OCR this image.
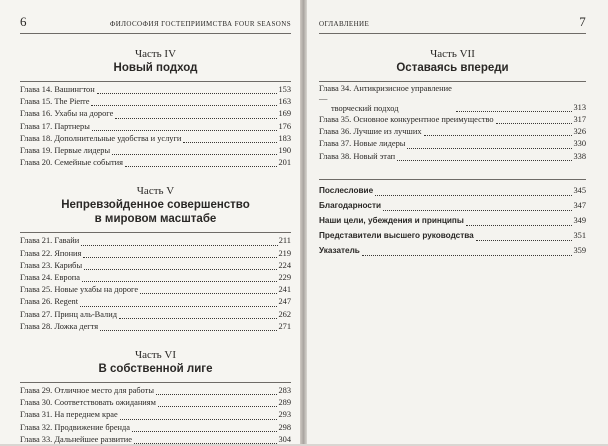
6	ФИЛОСОФИЯ ГОСТЕПРИИМСТВА FOUR SEASONS
Часть IV
Новый подход
Глава 14. Вашингтон	153
Глава 15. The Pierre	163
Глава 16. Ухабы на дороге	169
Глава 17. Партнеры	176
Глава 18. Дополнительные удобства и услуги	183
Глава 19. Первые лидеры	190
Глава 20. Семейные события	201
Часть V
Непревзойденное совершенство
в мировом масштабе
Глава 21. Гавайи	211
Глава 22. Япония	219
Глава 23. Карибы	224
Глава 24. Европа	229
Глава 25. Новые ухабы на дороге	241
Глава 26. Regent	247
Глава 27. Принц аль-Валид	262
Глава 28. Ложка дегтя	271
Часть VI
В собственной лиге
Глава 29. Отличное место для работы	283
Глава 30. Соответствовать ожиданиям	289
Глава 31. На переднем крае	293
Глава 32. Продвижение бренда	298
Глава 33. Дальнейшее развитие	304
ОГЛАВЛЕНИЕ	7
Часть VII
Оставаясь впереди
Глава 34. Антикризисное управление —
творческий подход	313
Глава 35. Основное конкурентное преимущество	317
Глава 36. Лучшие из лучших	326
Глава 37. Новые лидеры	330
Глава 38. Новый этап	338
Послесловие	345
Благодарности	347
Наши цели, убеждения и принципы	349
Представители высшего руководства	351
Указатель	359
